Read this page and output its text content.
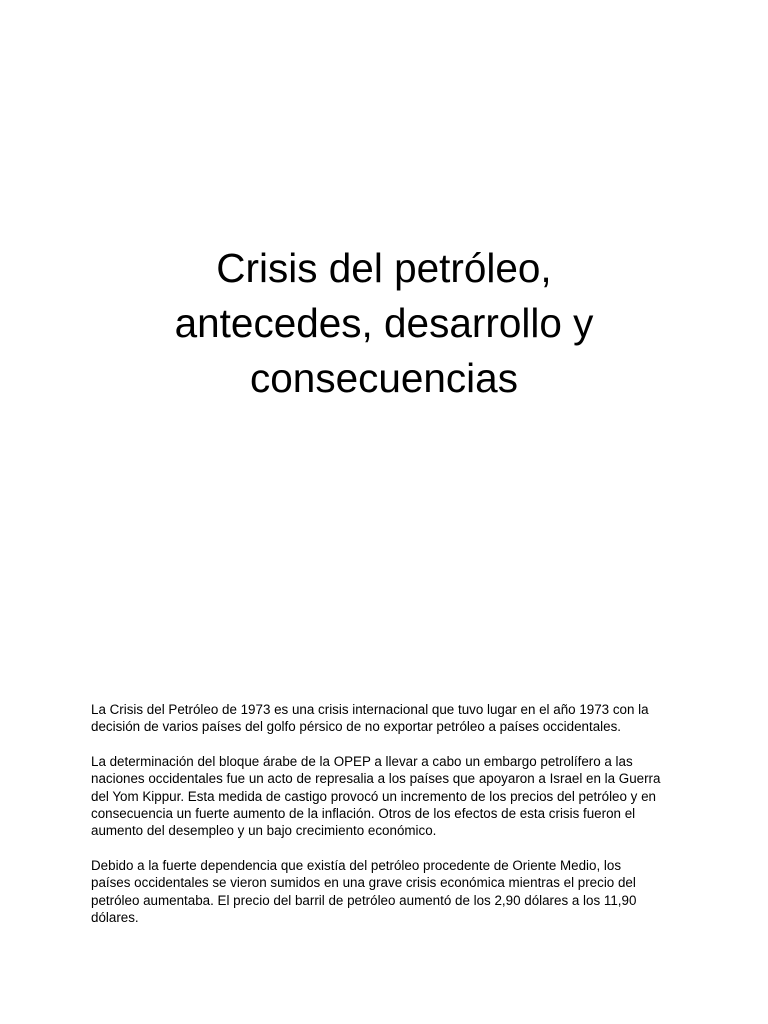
Crisis del petróleo,
antecedes, desarrollo y
consecuencias

La Crisis del Petróleo de 1973 es una crisis internacional que tuvo lugar en el año 1973 con la
decisión de varios países del golfo pérsico de no exportar petróleo a países occidentales.

La determinación del bloque árabe de la OPEP a llevar a cabo un embargo petrolífero a las
naciones occidentales fue un acto de represalia a los países que apoyaron a Israel en la Guerra
del Yom Kippur. Esta medida de castigo provocó un incremento de los precios del petróleo y en
consecuencia un fuerte aumento de la inflación. Otros de los efectos de esta crisis fueron el
aumento del desempleo y un bajo crecimiento económico.

Debido a la fuerte dependencia que existía del petróleo procedente de Oriente Medio, los
países occidentales se vieron sumidos en una grave crisis económica mientras el precio del
petróleo aumentaba. El precio del barril de petróleo aumentó de los 2,90 dólares a los 11,90
dólares.
